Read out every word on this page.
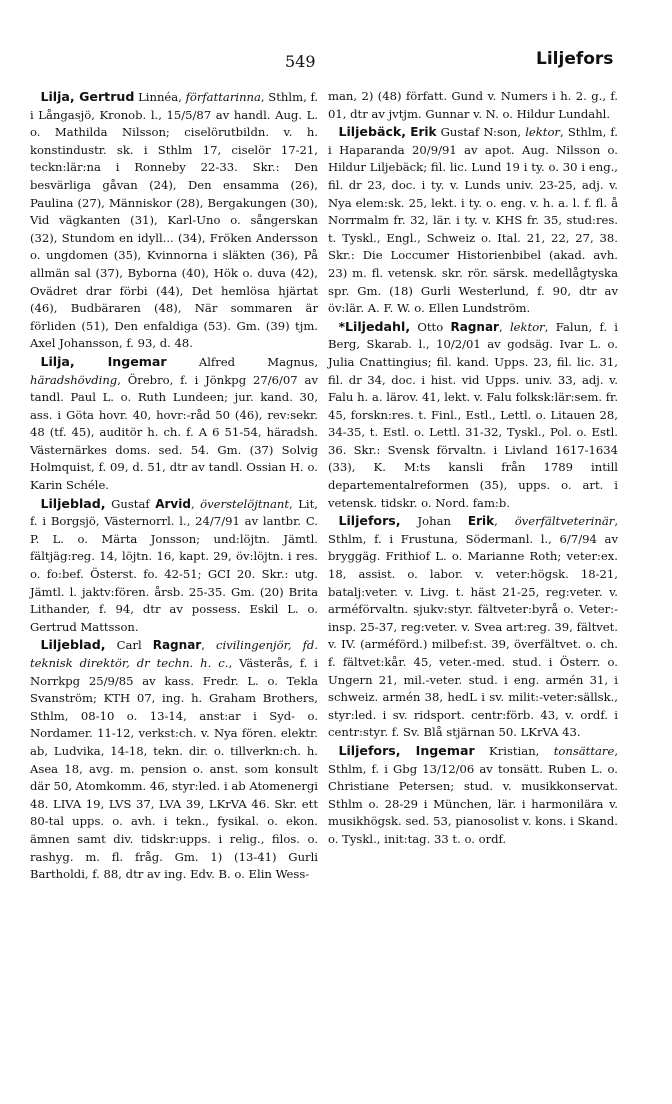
549	Liljefors

Lilja, Gertrud Linnéa, författarinna, Sthlm, f. i Långasjö, Kronob. l., 15/5/87 av handl. Aug. L. o. Mathilda Nilsson; ciselörutbildn. v. h. konstindustr. sk. i Sthlm 17, ciselör 17-21, teckn:lär:na i Ronneby 22-33. Skr.: Den besvärliga gåvan (24), Den ensamma (26), Paulina (27), Människor (28), Bergakungen (30), Vid vägkanten (31), Karl-Uno o. sångerskan (32), Stundom en idyll... (34), Fröken Andersson o. ungdomen (35), Kvinnorna i släkten (36), På allmän sal (37), Byborna (40), Hök o. duva (42), Ovädret drar förbi (44), Det hemlösa hjärtat (46), Budbäraren (48), När sommaren är förliden (51), Den enfaldiga (53). Gm. (39) tjm. Axel Johansson, f. 93, d. 48.

Lilja, Ingemar Alfred Magnus, häradshövding, Örebro, f. i Jönkpg 27/6/07 av tandl. Paul L. o. Ruth Lundeen; jur. kand. 30, ass. i Göta hovr. 40, hovr:-råd 50 (46), rev:sekr. 48 (tf. 45), auditör h. ch. f. A 6 51-54, häradsh. Västernärkes doms. sed. 54. Gm. (37) Solvig Holmquist, f. 09, d. 51, dtr av tandl. Ossian H. o. Karin Schéle.

Liljeblad, Gustaf Arvid, överstelöjtnant, Lit, f. i Borgsjö, Västernorrl. l., 24/7/91 av lantbr. C. P. L. o. Märta Jonsson; und:löjtn. Jämtl. fältjäg:reg. 14, löjtn. 16, kapt. 29, öv:löjtn. i res. o. fo:bef. Österst. fo. 42-51; GCI 20. Skr.: utg. Jämtl. l. jaktv:fören. årsb. 25-35. Gm. (20) Brita Lithander, f. 94, dtr av possess. Eskil L. o. Gertrud Mattsson.

Liljeblad, Carl Ragnar, civilingenjör, fd. teknisk direktör, dr techn. h. c., Västerås, f. i Norrkpg 25/9/85 av kass. Fredr. L. o. Tekla Svanström; KTH 07, ing. h. Graham Brothers, Sthlm, 08-10 o. 13-14, anst:ar i Syd- o. Nordamer. 11-12, verkst:ch. v. Nya fören. elektr. ab, Ludvika, 14-18, tekn. dir. o. tillverkn:ch. h. Asea 18, avg. m. pension o. anst. som konsult där 50, Atomkomm. 46, styr:led. i ab Atomenergi 48. LIVA 19, LVS 37, LVA 39, LKrVA 46. Skr. ett 80-tal upps. o. avh. i tekn., fysikal. o. ekon. ämnen samt div. tidskr:upps. i relig., filos. o. rashyg. m. fl. fråg. Gm. 1) (13-41) Gurli Bartholdi, f. 88, dtr av ing. Edv. B. o. Elin Wess-

man, 2) (48) författ. Gund v. Numers i h. 2. g., f. 01, dtr av jvtjm. Gunnar v. N. o. Hildur Lundahl.

Liljebäck, Erik Gustaf N:son, lektor, Sthlm, f. i Haparanda 20/9/91 av apot. Aug. Nilsson o. Hildur Liljebäck; fil. lic. Lund 19 i ty. o. 30 i eng., fil. dr 23, doc. i ty. v. Lunds univ. 23-25, adj. v. Nya elem:sk. 25, lekt. i ty. o. eng. v. h. a. l. f. fl. å Norrmalm fr. 32, lär. i ty. v. KHS fr. 35, stud:res. t. Tyskl., Engl., Schweiz o. Ital. 21, 22, 27, 38. Skr.: Die Loccumer Historienbibel (akad. avh. 23) m. fl. vetensk. skr. rör. särsk. medellågtyska spr. Gm. (18) Gurli Westerlund, f. 90, dtr av öv:lär. A. F. W. o. Ellen Lundström.

*Liljedahl, Otto Ragnar, lektor, Falun, f. i Berg, Skarab. l., 10/2/01 av godsäg. Ivar L. o. Julia Cnattingius; fil. kand. Upps. 23, fil. lic. 31, fil. dr 34, doc. i hist. vid Upps. univ. 33, adj. v. Falu h. a. lärov. 41, lekt. v. Falu folksk:lär:sem. fr. 45, forskn:res. t. Finl., Estl., Lettl. o. Litauen 28, 34-35, t. Estl. o. Lettl. 31-32, Tyskl., Pol. o. Estl. 36. Skr.: Svensk förvaltn. i Livland 1617-1634 (33), K. M:ts kansli från 1789 intill departementalreformen (35), upps. o. art. i vetensk. tidskr. o. Nord. fam:b.

Liljefors, Johan Erik, överfältveterinär, Sthlm, f. i Frustuna, Södermanl. l., 6/7/94 av bryggäg. Frithiof L. o. Marianne Roth; veter:ex. 18, assist. o. labor. v. veter:högsk. 18-21, batalj:veter. v. Livg. t. häst 21-25, reg:veter. v. arméförvaltn. sjukv:styr. fältveter:byrå o. Veter:-insp. 25-37, reg:veter. v. Svea art:reg. 39, fältvet. v. IV. (arméförd.) milbef:st. 39, överfältvet. o. ch. f. fältvet:kår. 45, veter.-med. stud. i Österr. o. Ungern 21, mil.-veter. stud. i eng. armén 31, i schweiz. armén 38, hedL i sv. milit:-veter:sällsk., styr:led. i sv. ridsport. centr:förb. 43, v. ordf. i centr:styr. f. Sv. Blå stjärnan 50. LKrVA 43.

Liljefors, Ingemar Kristian, tonsättare, Sthlm, f. i Gbg 13/12/06 av tonsätt. Ruben L. o. Christiane Petersen; stud. v. musikkonservat. Sthlm o. 28-29 i München, lär. i harmonilära v. musikhögsk. sed. 53, pianosolist v. kons. i Skand. o. Tyskl., init:tag. 33 t. o. ordf.
